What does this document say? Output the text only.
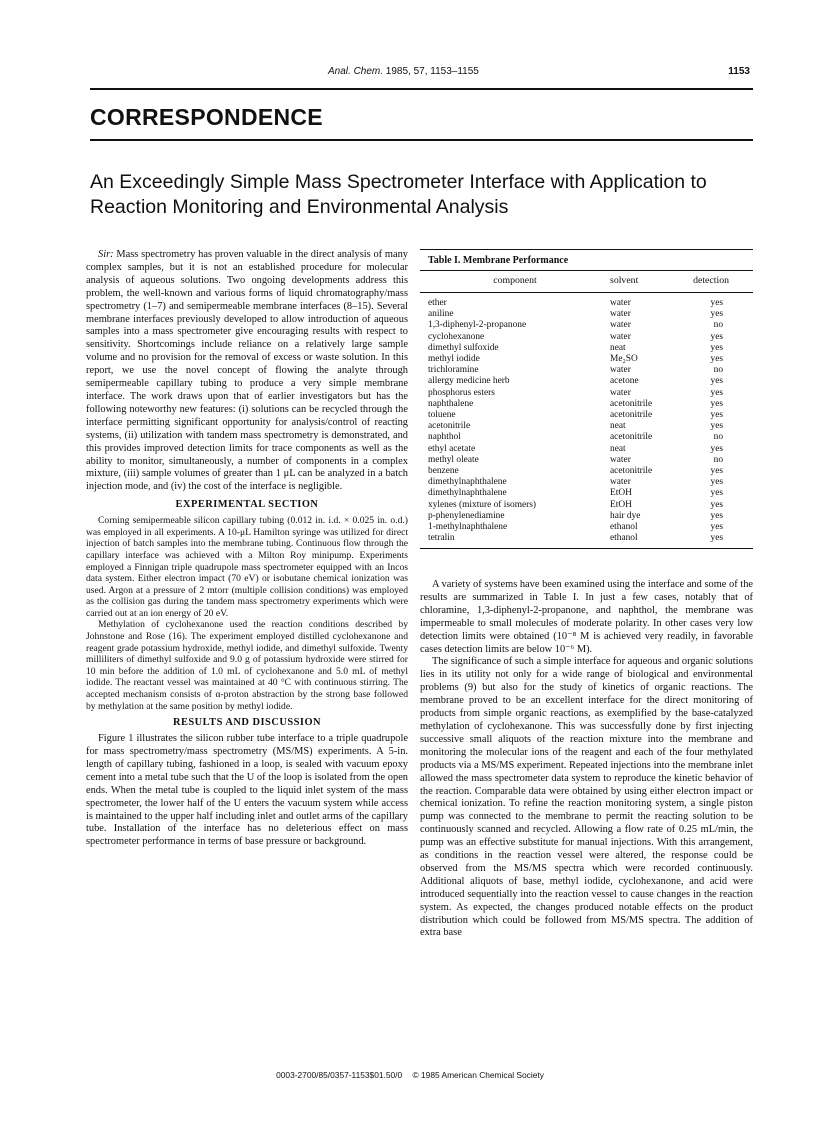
Anal. Chem. 1985, 57, 1153–1155	1153
CORRESPONDENCE
An Exceedingly Simple Mass Spectrometer Interface with Application to Reaction Monitoring and Environmental Analysis

Sir: Mass spectrometry has proven valuable in the direct analysis of many complex samples, but it is not an established procedure for molecular analysis of aqueous solutions. Two ongoing developments address this problem, the well-known and various forms of liquid chromatography/mass spectrometry (1–7) and semipermeable membrane interfaces (8–15). Several membrane interfaces previously developed to allow introduction of aqueous samples into a mass spectrometer give encouraging results with respect to sensitivity. Shortcomings include reliance on a relatively large sample volume and no provision for the removal of excess or waste solution. In this report, we use the novel concept of flowing the analyte through semipermeable capillary tubing to produce a very simple membrane interface. The work draws upon that of earlier investigators but has the following noteworthy new features: (i) solutions can be recycled through the interface permitting significant opportunity for analysis/control of reacting systems, (ii) utilization with tandem mass spectrometry is demonstrated, and this provides improved detection limits for trace components as well as the ability to monitor, simultaneously, a number of components in a complex mixture, (iii) sample volumes of greater than 1 μL can be analyzed in a batch injection mode, and (iv) the cost of the interface is negligible.

EXPERIMENTAL SECTION

Corning semipermeable silicon capillary tubing (0.012 in. i.d. × 0.025 in. o.d.) was employed in all experiments. A 10-μL Hamilton syringe was utilized for direct injection of batch samples into the membrane tubing. Continuous flow through the capillary interface was achieved with a Milton Roy minipump. Experiments employed a Finnigan triple quadrupole mass spectrometer equipped with an Incos data system. Either electron impact (70 eV) or isobutane chemical ionization was used. Argon at a pressure of 2 mtorr (multiple collision conditions) was employed as the collision gas during the tandem mass spectrometry experiments which were carried out at an ion energy of 20 eV.

Methylation of cyclohexanone used the reaction conditions described by Johnstone and Rose (16). The experiment employed distilled cyclohexanone and reagent grade potassium hydroxide, methyl iodide, and dimethyl sulfoxide. Twenty milliliters of dimethyl sulfoxide and 9.0 g of potassium hydroxide were stirred for 10 min before the addition of 1.0 mL of cyclohexanone and 5.0 mL of methyl iodide. The reactant vessel was maintained at 40 °C with continuous stirring. The accepted mechanism consists of α-proton abstraction by the strong base followed by methylation at the same position by methyl iodide.

RESULTS AND DISCUSSION

Figure 1 illustrates the silicon rubber tube interface to a triple quadrupole for mass spectrometry/mass spectrometry (MS/MS) experiments. A 5-in. length of capillary tubing, fashioned in a loop, is sealed with vacuum epoxy cement into a metal tube such that the U of the loop is isolated from the open ends. When the metal tube is coupled to the liquid inlet system of the mass spectrometer, the lower half of the U enters the vacuum system while access is maintained to the upper half including inlet and outlet arms of the capillary tube. Installation of the interface has no deleterious effect on mass spectrometer performance in terms of base pressure or background.

Table I. Membrane Performance
component	solvent	detection
ether	water	yes
aniline	water	yes
1,3-diphenyl-2-propanone	water	no
cyclohexanone	water	yes
dimethyl sulfoxide	neat	yes
methyl iodide	Me₂SO	yes
trichloramine	water	no
allergy medicine herb	acetone	yes
phosphorus esters	water	yes
naphthalene	acetonitrile	yes
toluene	acetonitrile	yes
acetonitrile	neat	yes
naphthol	acetonitrile	no
ethyl acetate	neat	yes
methyl oleate	water	no
benzene	acetonitrile	yes
dimethylnaphthalene	water	yes
dimethylnaphthalene	EtOH	yes
xylenes (mixture of isomers)	EtOH	yes
p-phenylenediamine	hair dye	yes
1-methylnaphthalene	ethanol	yes
tetralin	ethanol	yes

A variety of systems have been examined using the interface and some of the results are summarized in Table I. In just a few cases, notably that of chloramine, 1,3-diphenyl-2-propanone, and naphthol, the membrane was impermeable to small molecules of moderate polarity. In other cases very low detection limits were obtained (10⁻⁸ M is achieved very readily, in favorable cases detection limits are below 10⁻⁶ M).

The significance of such a simple interface for aqueous and organic solutions lies in its utility not only for a wide range of biological and environmental problems (9) but also for the study of kinetics of organic reactions. The membrane proved to be an excellent interface for the direct monitoring of products from simple organic reactions, as exemplified by the base-catalyzed methylation of cyclohexanone. This was successfully done by first injecting successive small aliquots of the reaction mixture into the membrane and monitoring the molecular ions of the reagent and each of the four methylated products via a MS/MS experiment. Repeated injections into the membrane inlet allowed the mass spectrometer data system to reproduce the kinetic behavior of the reaction. Comparable data were obtained by using either electron impact or chemical ionization. To refine the reaction monitoring system, a single piston pump was connected to the membrane to permit the reacting solution to be continuously scanned and recycled. Allowing a flow rate of 0.25 mL/min, the pump was an effective substitute for manual injections. With this arrangement, as conditions in the reaction vessel were altered, the response could be observed from the MS/MS spectra which were recorded continuously. Additional aliquots of base, methyl iodide, cyclohexanone, and acid were introduced sequentially into the reaction vessel to cause changes in the reaction system. As expected, the changes produced notable effects on the product distribution which could be followed from MS/MS spectra. The addition of extra base

0003-2700/85/0357-1153$01.50/0 © 1985 American Chemical Society
